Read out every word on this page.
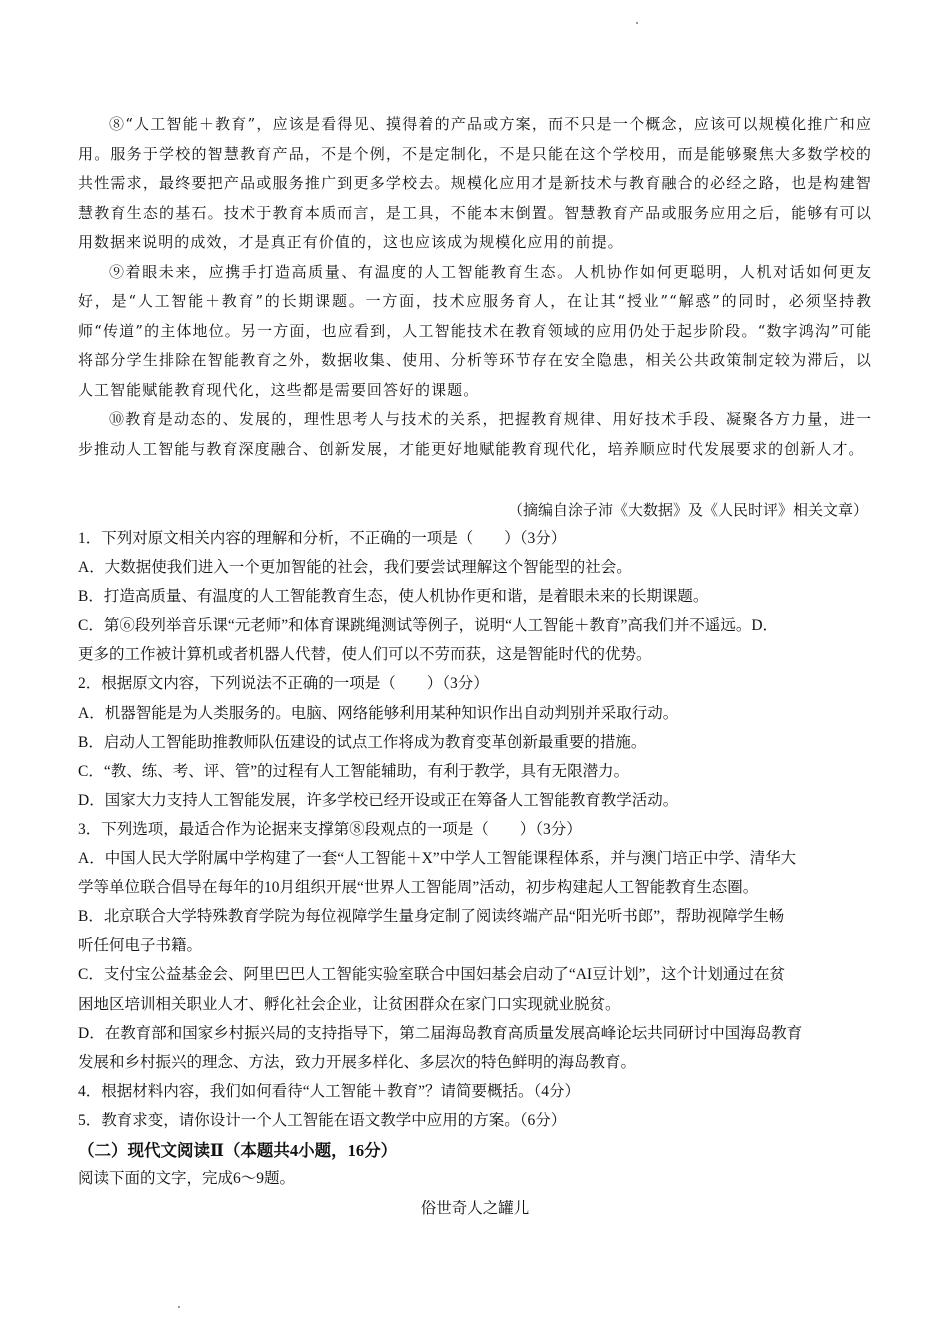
⑧“人工智能＋教育”，应该是看得见、摸得着的产品或方案，而不只是一个概念，应该可以规模化推广和应用。服务于学校的智慧教育产品，不是个例，不是定制化，不是只能在这个学校用，而是能够聚焦大多数学校的共性需求，最终要把产品或服务推广到更多学校去。规模化应用才是新技术与教育融合的必经之路，也是构建智慧教育生态的基石。技术于教育本质而言，是工具，不能本末倒置。智慧教育产品或服务应用之后，能够有可以用数据来说明的成效，才是真正有价值的，这也应该成为规模化应用的前提。

⑨着眼未来，应携手打造高质量、有温度的人工智能教育生态。人机协作如何更聪明，人机对话如何更友好，是“人工智能＋教育”的长期课题。一方面，技术应服务育人，在让其“授业”“解惑”的同时，必须坚持教师“传道”的主体地位。另一方面，也应看到，人工智能技术在教育领域的应用仍处于起步阶段。“数字鸿沟”可能将部分学生排除在智能教育之外，数据收集、使用、分析等环节存在安全隐患，相关公共政策制定较为滞后，以人工智能赋能教育现代化，这些都是需要回答好的课题。

⑩教育是动态的、发展的，理性思考人与技术的关系，把握教育规律、用好技术手段、凝聚各方力量，进一步推动人工智能与教育深度融合、创新发展，才能更好地赋能教育现代化，培养顺应时代发展要求的创新人才。

（摘编自涂子沛《大数据》及《人民时评》相关文章）
1．下列对原文相关内容的理解和分析，不正确的一项是（　　）（3分）
A．大数据使我们进入一个更加智能的社会，我们要尝试理解这个智能型的社会。
B．打造高质量、有温度的人工智能教育生态，使人机协作更和谐，是着眼未来的长期课题。
C．第⑥段列举音乐课“元老师”和体育课跳绳测试等例子，说明“人工智能＋教育”高我们并不遥远。D．
更多的工作被计算机或者机器人代替，使人们可以不劳而获，这是智能时代的优势。
2．根据原文内容，下列说法不正确的一项是（　　）（3分）
A．机器智能是为人类服务的。电脑、网络能够利用某种知识作出自动判别并采取行动。
B．启动人工智能助推教师队伍建设的试点工作将成为教育变革创新最重要的措施。
C．“教、练、考、评、管”的过程有人工智能辅助，有利于教学，具有无限潜力。
D．国家大力支持人工智能发展，许多学校已经开设或正在筹备人工智能教育教学活动。
3．下列选项，最适合作为论据来支撑第⑧段观点的一项是（　　）（3分）
A．中国人民大学附属中学构建了一套“人工智能＋X”中学人工智能课程体系，并与澳门培正中学、清华大
学等单位联合倡导在每年的10月组织开展“世界人工智能周”活动，初步构建起人工智能教育生态圈。
B．北京联合大学特殊教育学院为每位视障学生量身定制了阅读终端产品“阳光听书郎”，帮助视障学生畅
听任何电子书籍。
C．支付宝公益基金会、阿里巴巴人工智能实验室联合中国妇基会启动了“AI豆计划”，这个计划通过在贫
困地区培训相关职业人才、孵化社会企业，让贫困群众在家门口实现就业脱贫。
D．在教育部和国家乡村振兴局的支持指导下，第二届海岛教育高质量发展高峰论坛共同研讨中国海岛教育
发展和乡村振兴的理念、方法，致力开展多样化、多层次的特色鲜明的海岛教育。
4．根据材料内容，我们如何看待“人工智能＋教育”？请简要概括。（4分）
5．教育求变，请你设计一个人工智能在语文教学中应用的方案。（6分）
（二）现代文阅读Ⅱ（本题共4小题，16分）
阅读下面的文字，完成6～9题。
俗世奇人之罐儿
